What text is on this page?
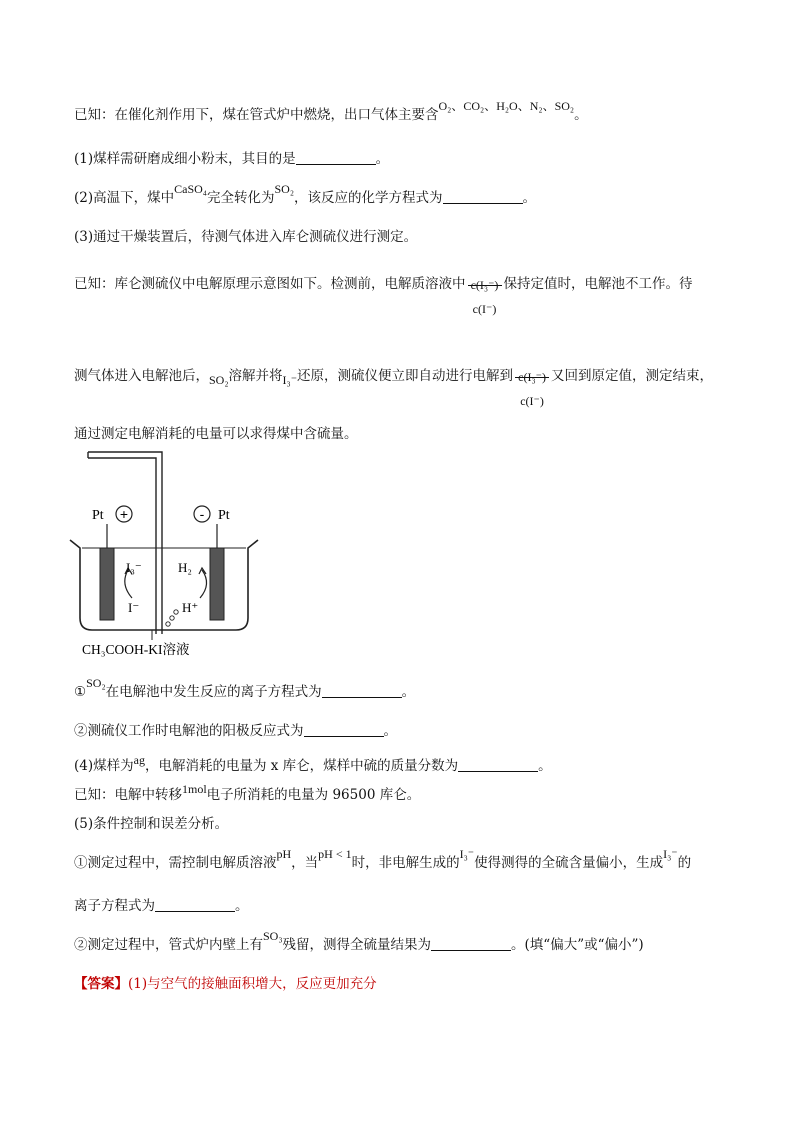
已知：在催化剂作用下，煤在管式炉中燃烧，出口气体主要含O₂、CO₂、H₂O、N₂、SO₂。
(1)煤样需研磨成细小粉末，其目的是	。
(2)高温下，煤中CaSO₄完全转化为SO₂，该反应的化学方程式为	。
(3)通过干燥装置后，待测气体进入库仑测硫仪进行测定。
已知：库仑测硫仪中电解原理示意图如下。检测前，电解质溶液中 c(I₃⁻)
c(I⁻)
保持定值时，电解池不工作。待
测气体进入电解池后，SO₂溶解并将I₃⁻还原，测硫仪便立即自动进行电解到 c(I₃⁻)
c(I⁻)
又回到原定值，测定结束，
通过测定电解消耗的电量可以求得煤中含硫量。
+	-
Pt	Pt
I₃⁻
I⁻
H₂
H⁺
CH₃COOH-KI溶液
①SO₂在电解池中发生反应的离子方程式为	。
②测硫仪工作时电解池的阳极反应式为	。
(4)煤样为ag，电解消耗的电量为 x 库仑，煤样中硫的质量分数为	。
已知：电解中转移1mol电子所消耗的电量为 96500 库仑。
(5)条件控制和误差分析。
①测定过程中，需控制电解质溶液pH，当pH < 1时，非电解生成的I₃⁻使得测得的全硫含量偏小，生成I₃⁻的
离子方程式为	。
②测定过程中，管式炉内壁上有SO₃残留，测得全硫量结果为	。(填“偏大”或“偏小”)
【答案】(1)与空气的接触面积增大，反应更加充分
